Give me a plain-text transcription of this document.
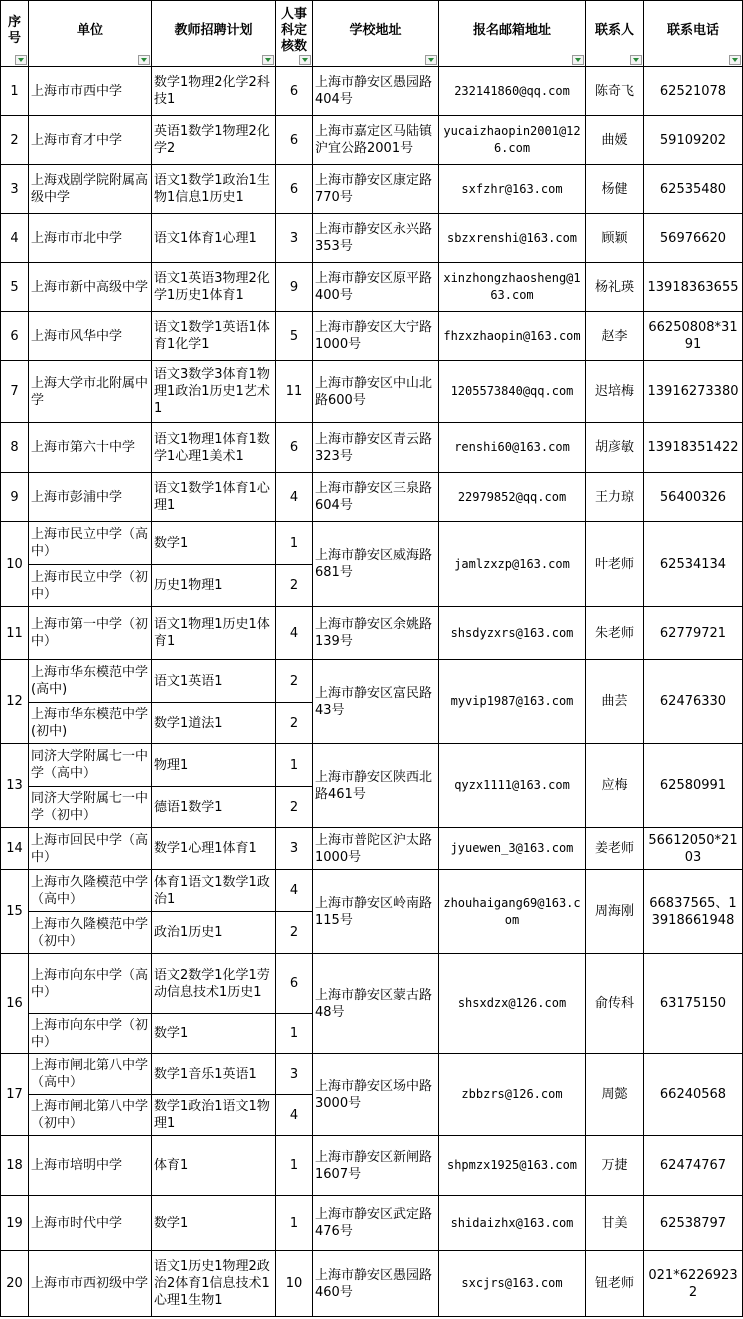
序号	单位	教师招聘计划	人事科定核数	学校地址	报名邮箱地址	联系人	联系电话

1	上海市市西中学	数学1物理2化学2科技1	6	上海市静安区愚园路404号	232141860@qq.com	陈奇飞	62521078
2	上海市育才中学	英语1数学1物理2化学2	6	上海市嘉定区马陆镇沪宜公路2001号	yucaizhaopin2001@126.com	曲媛	59109202
3	上海戏剧学院附属高级中学	语文1数学1政治1生物1信息1历史1	6	上海市静安区康定路770号	sxfzhr@163.com	杨健	62535480
4	上海市市北中学	语文1体育1心理1	3	上海市静安区永兴路353号	sbzxrenshi@163.com	顾颖	56976620
5	上海市新中高级中学	语文1英语3物理2化学1历史1体育1	9	上海市静安区原平路400号	xinzhongzhaosheng@163.com	杨礼瑛	13918363655
6	上海市风华中学	语文1数学1英语1体育1化学1	5	上海市静安区大宁路1000号	fhzxzhaopin@163.com	赵李	66250808*3191
7	上海大学市北附属中学	语文3数学3体育1物理1政治1历史1艺术1	11	上海市静安区中山北路600号	1205573840@qq.com	迟培梅	13916273380
8	上海市第六十中学	语文1物理1体育1数学1心理1美术1	6	上海市静安区青云路323号	renshi60@163.com	胡彦敏	13918351422
9	上海市彭浦中学	语文1数学1体育1心理1	4	上海市静安区三泉路604号	22979852@qq.com	王力琼	56400326
10	上海市民立中学（高中）	数学1	1	上海市静安区威海路681号	jamlzxzp@163.com	叶老师	62534134
	上海市民立中学（初中）	历史1物理1	2				
11	上海市第一中学（初中）	语文1物理1历史1体育1	4	上海市静安区余姚路139号	shsdyzxrs@163.com	朱老师	62779721
12	上海市华东模范中学(高中)	语文1英语1	2	上海市静安区富民路43号	myvip1987@163.com	曲芸	62476330
	上海市华东模范中学(初中)	数学1道法1	2				
13	同济大学附属七一中学（高中）	物理1	1	上海市静安区陕西北路461号	qyzx1111@163.com	应梅	62580991
	同济大学附属七一中学（初中）	德语1数学1	2				
14	上海市回民中学（高中）	数学1心理1体育1	3	上海市普陀区沪太路1000号	jyuewen_3@163.com	姜老师	56612050*2103
15	上海市久隆模范中学（高中）	体育1语文1数学1政治1	4	上海市静安区岭南路115号	zhouhaigang69@163.com	周海刚	66837565、13918661948
	上海市久隆模范中学（初中）	政治1历史1	2				
16	上海市向东中学（高中）	语文2数学1化学1劳动信息技术1历史1	6	上海市静安区蒙古路48号	shsxdzx@126.com	俞传科	63175150
	上海市向东中学（初中）	数学1	1				
17	上海市闸北第八中学（高中）	数学1音乐1英语1	3	上海市静安区场中路3000号	zbbzrs@126.com	周懿	66240568
	上海市闸北第八中学（初中）	数学1政治1语文1物理1	4				
18	上海市培明中学	体育1	1	上海市静安区新闸路1607号	shpmzx1925@163.com	万捷	62474767
19	上海市时代中学	数学1	1	上海市静安区武定路476号	shidaizhx@163.com	甘美	62538797
20	上海市市西初级中学	语文1历史1物理2政治2体育1信息技术1心理1生物1	10	上海市静安区愚园路460号	sxcjrs@163.com	钮老师	021*62269232
